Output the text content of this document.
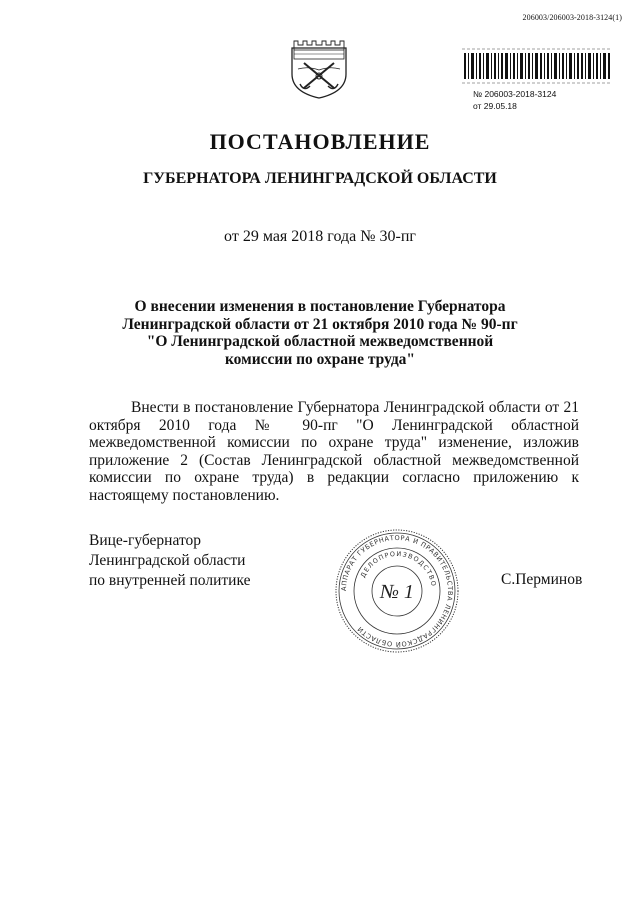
206003/206003-2018-3124(1)
№ 206003-2018-3124
от 29.05.18
ПОСТАНОВЛЕНИЕ
ГУБЕРНАТОРА ЛЕНИНГРАДСКОЙ ОБЛАСТИ
от 29 мая 2018 года № 30-пг
О внесении изменения в постановление Губернатора
Ленинградской области от 21 октября 2010 года № 90-пг
"О Ленинградской областной межведомственной
комиссии по охране труда"
Внести в постановление Губернатора Ленинградской области от 21 октября 2010 года № 90-пг "О Ленинградской областной межведомственной комиссии по охране труда" изменение, изложив приложение 2 (Состав Ленинградской областной межведомственной комиссии по охране труда) в редакции согласно приложению к настоящему постановлению.
Вице-губернатор
Ленинградской области
по внутренней политике	АППАРАТ ГУБЕРНАТОРА И ПРАВИТЕЛЬСТВА ЛЕНИНГРАДСКОЙ ОБЛАСТИ
ДЕЛОПРОИЗВОДСТВО
№ 1
С.Перминов
